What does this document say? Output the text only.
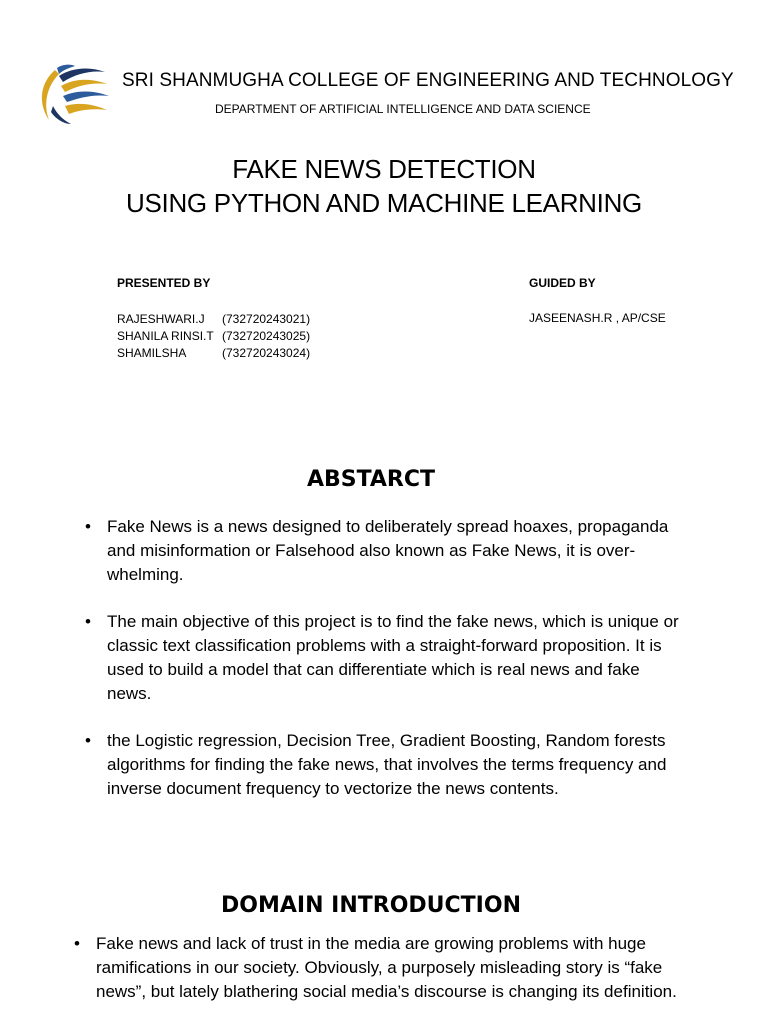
SRI SHANMUGHA COLLEGE OF ENGINEERING AND TECHNOLOGY
DEPARTMENT OF ARTIFICIAL INTELLIGENCE AND DATA SCIENCE
FAKE NEWS DETECTION
USING PYTHON AND MACHINE LEARNING
PRESENTED BY	GUIDED BY
RAJESHWARI.J	(732720243021)
SHANILA RINSI.T (732720243025)
SHAMILSHA	(732720243024)
JASEENASH.R , AP/CSE
ABSTARCT
• Fake News is a news designed to deliberately spread hoaxes, propaganda and misinformation or Falsehood also known as Fake News, it is over-whelming.
• The main objective of this project is to find the fake news, which is unique or classic text classification problems with a straight-forward proposition. It is used to build a model that can differentiate which is real news and fake news.
• the Logistic regression, Decision Tree, Gradient Boosting, Random forests algorithms for finding the fake news, that involves the terms frequency and inverse document frequency to vectorize the news contents.
DOMAIN INTRODUCTION
• Fake news and lack of trust in the media are growing problems with huge ramifications in our society. Obviously, a purposely misleading story is “fake news”, but lately blathering social media’s discourse is changing its definition.
